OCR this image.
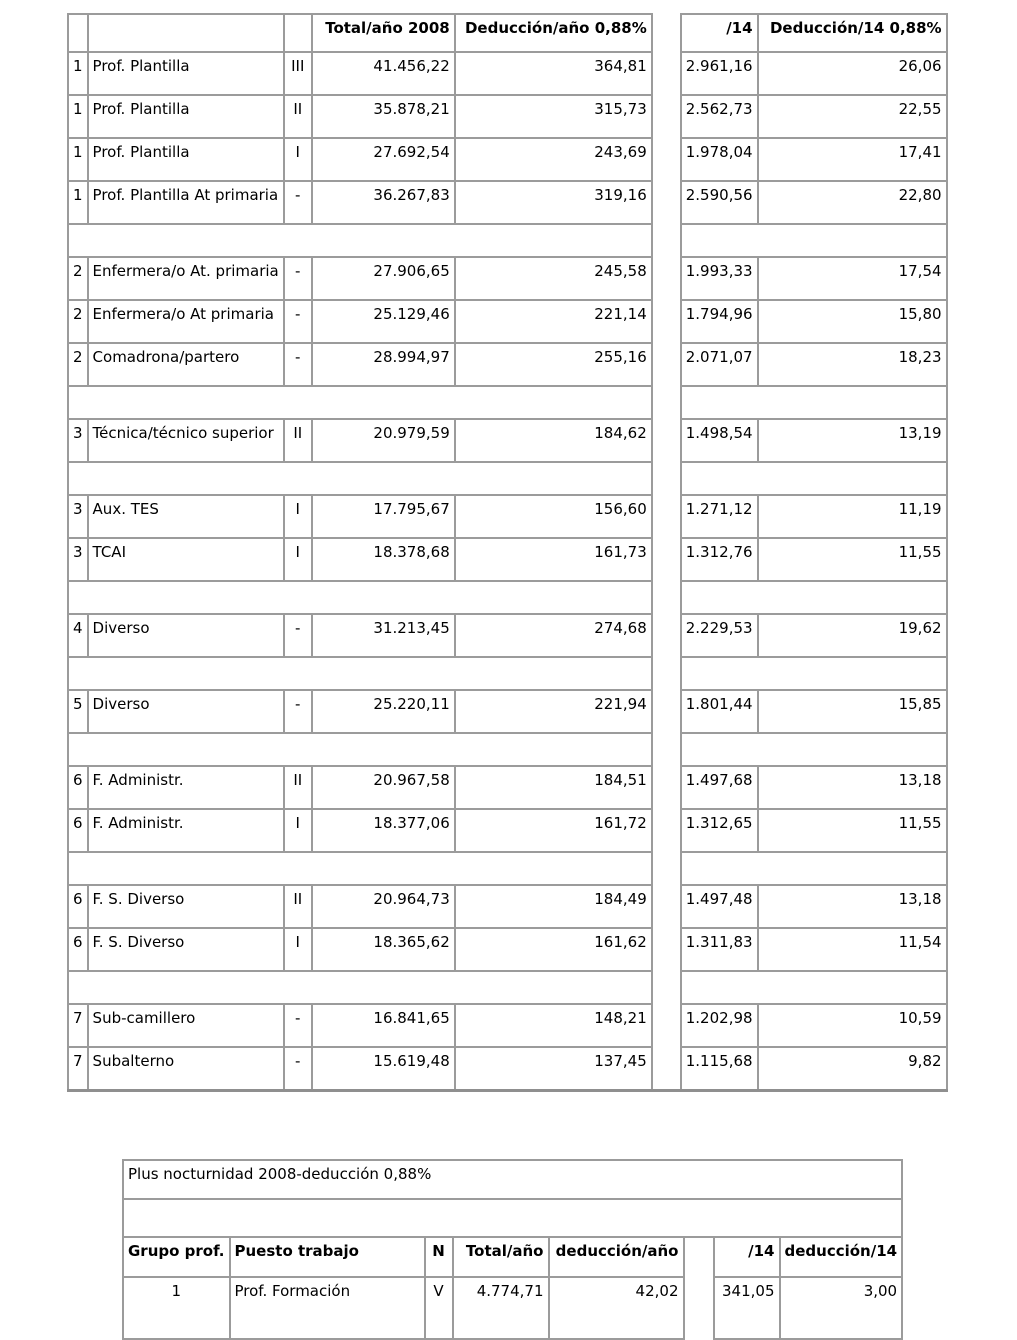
			Total/año 2008	Deducción/año 0,88%		/14	Deducción/14 0,88%
1	Prof. Plantilla	III	41.456,22	364,81		2.961,16	26,06
1	Prof. Plantilla	II	35.878,21	315,73		2.562,73	22,55
1	Prof. Plantilla	I	27.692,54	243,69		1.978,04	17,41
1	Prof. Plantilla At primaria	-	36.267,83	319,16		2.590,56	22,80

2	Enfermera/o At. primaria	-	27.906,65	245,58		1.993,33	17,54
2	Enfermera/o At primaria	-	25.129,46	221,14		1.794,96	15,80
2	Comadrona/partero	-	28.994,97	255,16		2.071,07	18,23

3	Técnica/técnico superior	II	20.979,59	184,62		1.498,54	13,19

3	Aux. TES	I	17.795,67	156,60		1.271,12	11,19
3	TCAI	I	18.378,68	161,73		1.312,76	11,55

4	Diverso	-	31.213,45	274,68		2.229,53	19,62

5	Diverso	-	25.220,11	221,94		1.801,44	15,85

6	F. Administr.	II	20.967,58	184,51		1.497,68	13,18
6	F. Administr.	I	18.377,06	161,72		1.312,65	11,55

6	F. S. Diverso	II	20.964,73	184,49		1.497,48	13,18
6	F. S. Diverso	I	18.365,62	161,62		1.311,83	11,54

7	Sub-camillero	-	16.841,65	148,21		1.202,98	10,59
7	Subalterno	-	15.619,48	137,45		1.115,68	9,82
Plus nocturnidad 2008-deducción 0,88%							

Grupo prof.	Puesto trabajo	N	Total/año	deducción/año		/14	deducción/14
1	Prof. Formación	V	4.774,71	42,02		341,05	3,00
